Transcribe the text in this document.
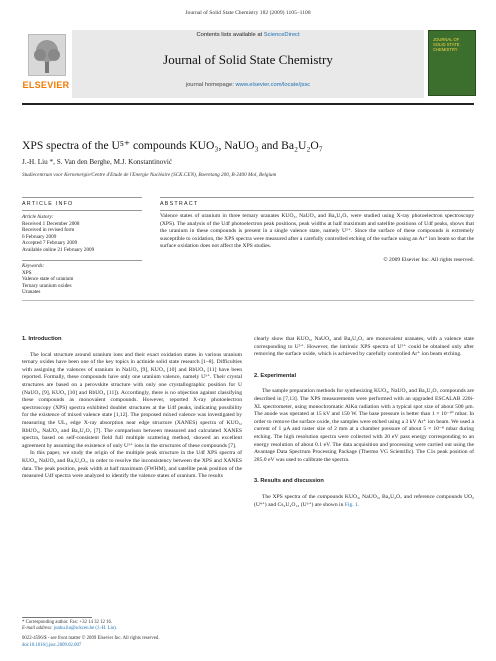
Journal of Solid State Chemistry 182 (2009) 1105–1108
ELSEVIER
Contents lists available at ScienceDirect
Journal of Solid State Chemistry
journal homepage: www.elsevier.com/locate/jssc
JOURNAL OF SOLID STATE CHEMISTRY
XPS spectra of the U⁵⁺ compounds KUO₃, NaUO₃ and Ba₂U₂O₇
J.-H. Liu *, S. Van den Berghe, M.J. Konstantinović
Studiecentrum voor Kernenergie/Centre d'Etude de l'Energie Nucléaire (SCK.CEN), Boeretang 200, B-2400 Mol, Belgium
ARTICLE INFO
Article history:
Received 1 December 2008
Received in revised form
6 February 2009
Accepted 7 February 2009
Available online 21 February 2009
Keywords:
XPS
Valence state of uranium
Ternary uranium oxides
Uranates
ABSTRACT
Valence states of uranium in three ternary uranates KUO₃, NaUO₃ and Ba₂U₂O₇ were studied using X-ray photoelectron spectroscopy (XPS). The analysis of the U4f photoelectron peak positions, peak widths at half maximum and satellite positions of U4f peaks, shows that the uranium in these compounds is present in a single valence state, namely U⁵⁺. Since the surface of these compounds is extremely susceptible to oxidation, the XPS spectra were measured after a carefully controlled etching of the surface using an Ar⁺ ion beam so that the surface oxidation does not affect the XPS studies.
© 2009 Elsevier Inc. All rights reserved.
1. Introduction

The local structure around uranium ions and their exact oxidation states in various uranium ternary oxides have been one of the key topics in actinide solid state research [1–8]. Difficulties with assigning the valences of uranium in NaUO₃ [9], KUO₃ [10] and RbUO₃ [11] have been reported. Formally, these compounds have only one uranium valence, namely U⁵⁺. Their crystal structures are based on a perovskite structure with only one crystallographic position for U (NaUO₃ [9], KUO₃ [10] and RbUO₃ [11]). Accordingly, there is no objection against classifying these compounds as monovalent compounds. However, reported X-ray photoelectron spectroscopy (XPS) spectra exhibited doublet structures at the U4f peaks, indicating possibility for the existence of mixed valence state [1,12]. The proposed mixed valence was investigated by measuring the UL₃ edge X-ray absorption near edge structure (XANES) spectra of KUO₃, RbUO₃, NaUO₃ and Ba₂U₂O₇ [7]. The comparison between measured and calculated XANES spectra, based on self-consistent field full multiple scattering method, showed an excellent agreement by assuming the existence of only U⁵⁺ ions in the structures of these compounds [7].

In this paper, we study the origin of the multiple peak structure in the U4f XPS spectra of KUO₃, NaUO₃ and Ba₂U₂O₇, in order to resolve the inconsistency between the XPS and XANES data. The peak position, peak width at half maximum (FWHM), and satellite peak position of the measured U4f spectra were analyzed to identify the valence states of uranium. The results

clearly show that KUO₃, NaUO₃ and Ba₂U₂O₇ are monovalent uranates, with a valence state corresponding to U⁵⁺. However, the intrinsic XPS spectra of U⁵⁺ could be obtained only after removing the surface oxide, which is achieved by carefully controlled Ar⁺ ion beam etching.

2. Experimental

The sample preparation methods for synthesizing KUO₃, NaUO₃ and Ba₂U₂O₇ compounds are described in [7,13]. The XPS measurements were performed with an upgraded ESCALAB 220i-XL spectrometer, using monochromatic AlKα radiation with a typical spot size of about 500 μm. The anode was operated at 15 kV and 150 W. The base pressure is better than 1 × 10⁻¹⁰ mbar. In order to remove the surface oxide, the samples were etched using a 3 kV Ar⁺ ion beam. We used a current of 1 μA and raster size of 2 mm at a chamber pressure of about 5 × 10⁻⁸ mbar during etching. The high resolution spectra were collected with 20 eV pass energy corresponding to an energy resolution of about 0.1 eV. The data acquisition and processing were carried out using the Avantage Data Spectrum Processing Package (Thermo VG Scientific). The C1s peak position of 285.0 eV was used to calibrate the spectra.

3. Results and discussion

The XPS spectra of the compounds KUO₃, NaUO₃, Ba₂U₂O₇ and reference compounds UO₂ (U⁴⁺) and Cs₂U₄O₁₂ (U⁶⁺) are shown in Fig. 1.

* Corresponding author. Fax: +32 14 32 12 16.
E-mail address: junhu.liu@sckcen.be (J.-H. Liu).
0022-4596/$ - see front matter © 2009 Elsevier Inc. All rights reserved.
doi:10.1016/j.jssc.2009.02.007
